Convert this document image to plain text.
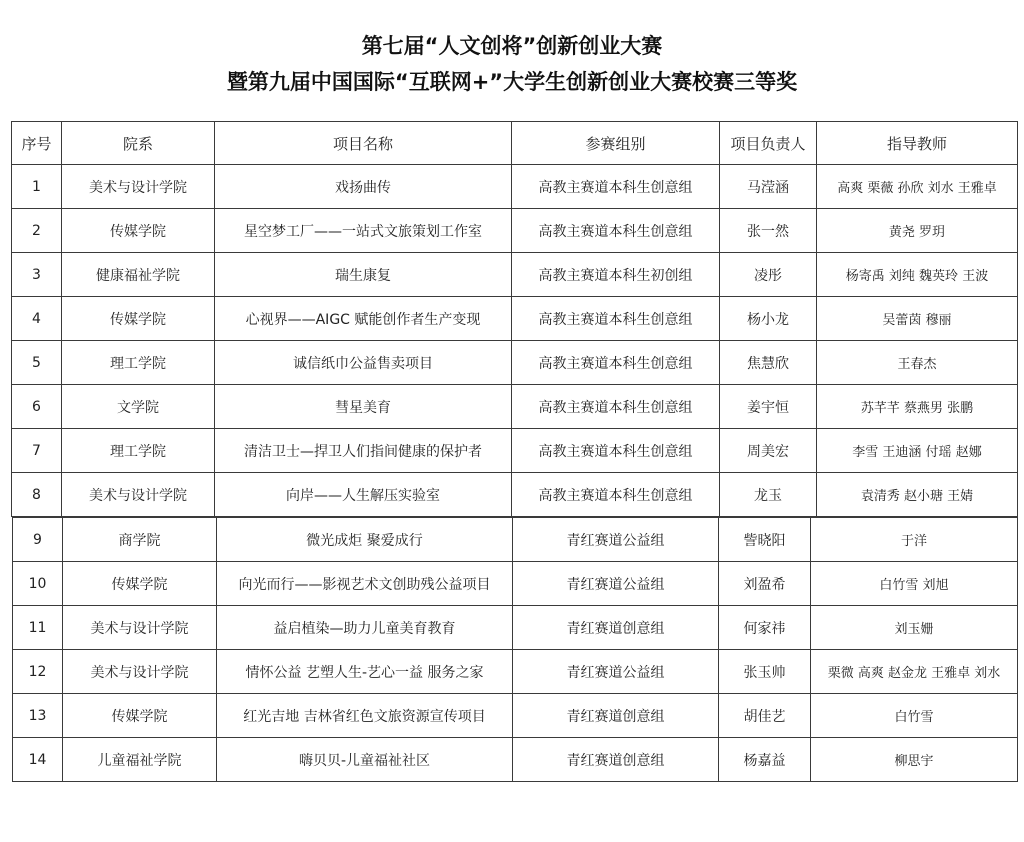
第七届“人文创将”创新创业大赛
暨第九届中国国际“互联网+”大学生创新创业大赛校赛三等奖
序号	院系	项目名称	参赛组别	项目负责人	指导教师
1	美术与设计学院	戏扬曲传	高教主赛道本科生创意组	马滢涵	高爽 栗薇 孙欣 刘水 王雅卓
2	传媒学院	星空梦工厂——一站式文旅策划工作室	高教主赛道本科生创意组	张一然	黄尧 罗玥
3	健康福祉学院	瑞生康复	高教主赛道本科生初创组	凌彤	杨寄禹 刘纯 魏英玲 王波
4	传媒学院	心视界——AIGC 赋能创作者生产变现	高教主赛道本科生创意组	杨小龙	吴蕾茵 穆丽
5	理工学院	诚信纸巾公益售卖项目	高教主赛道本科生创意组	焦慧欣	王春杰
6	文学院	彗星美育	高教主赛道本科生创意组	姜宇恒	苏芊芊 蔡燕男 张鹏
7	理工学院	清洁卫士—捍卫人们指间健康的保护者	高教主赛道本科生创意组	周美宏	李雪 王迪涵 付瑶 赵娜
8	美术与设计学院	向岸——人生解压实验室	高教主赛道本科生创意组	龙玉	袁清秀 赵小瑭 王婧
9	商学院	微光成炬 聚爱成行	青红赛道公益组	訾晓阳	于洋
10	传媒学院	向光而行——影视艺术文创助残公益项目	青红赛道公益组	刘盈希	白竹雪 刘旭
11	美术与设计学院	益启植染—助力儿童美育教育	青红赛道创意组	何家祎	刘玉姗
12	美术与设计学院	情怀公益 艺塑人生-艺心一益 服务之家	青红赛道公益组	张玉帅	栗微 高爽 赵金龙 王雅卓 刘水
13	传媒学院	红光吉地 吉林省红色文旅资源宣传项目	青红赛道创意组	胡佳艺	白竹雪
14	儿童福祉学院	嗨贝贝-儿童福祉社区	青红赛道创意组	杨嘉益	柳思宇
